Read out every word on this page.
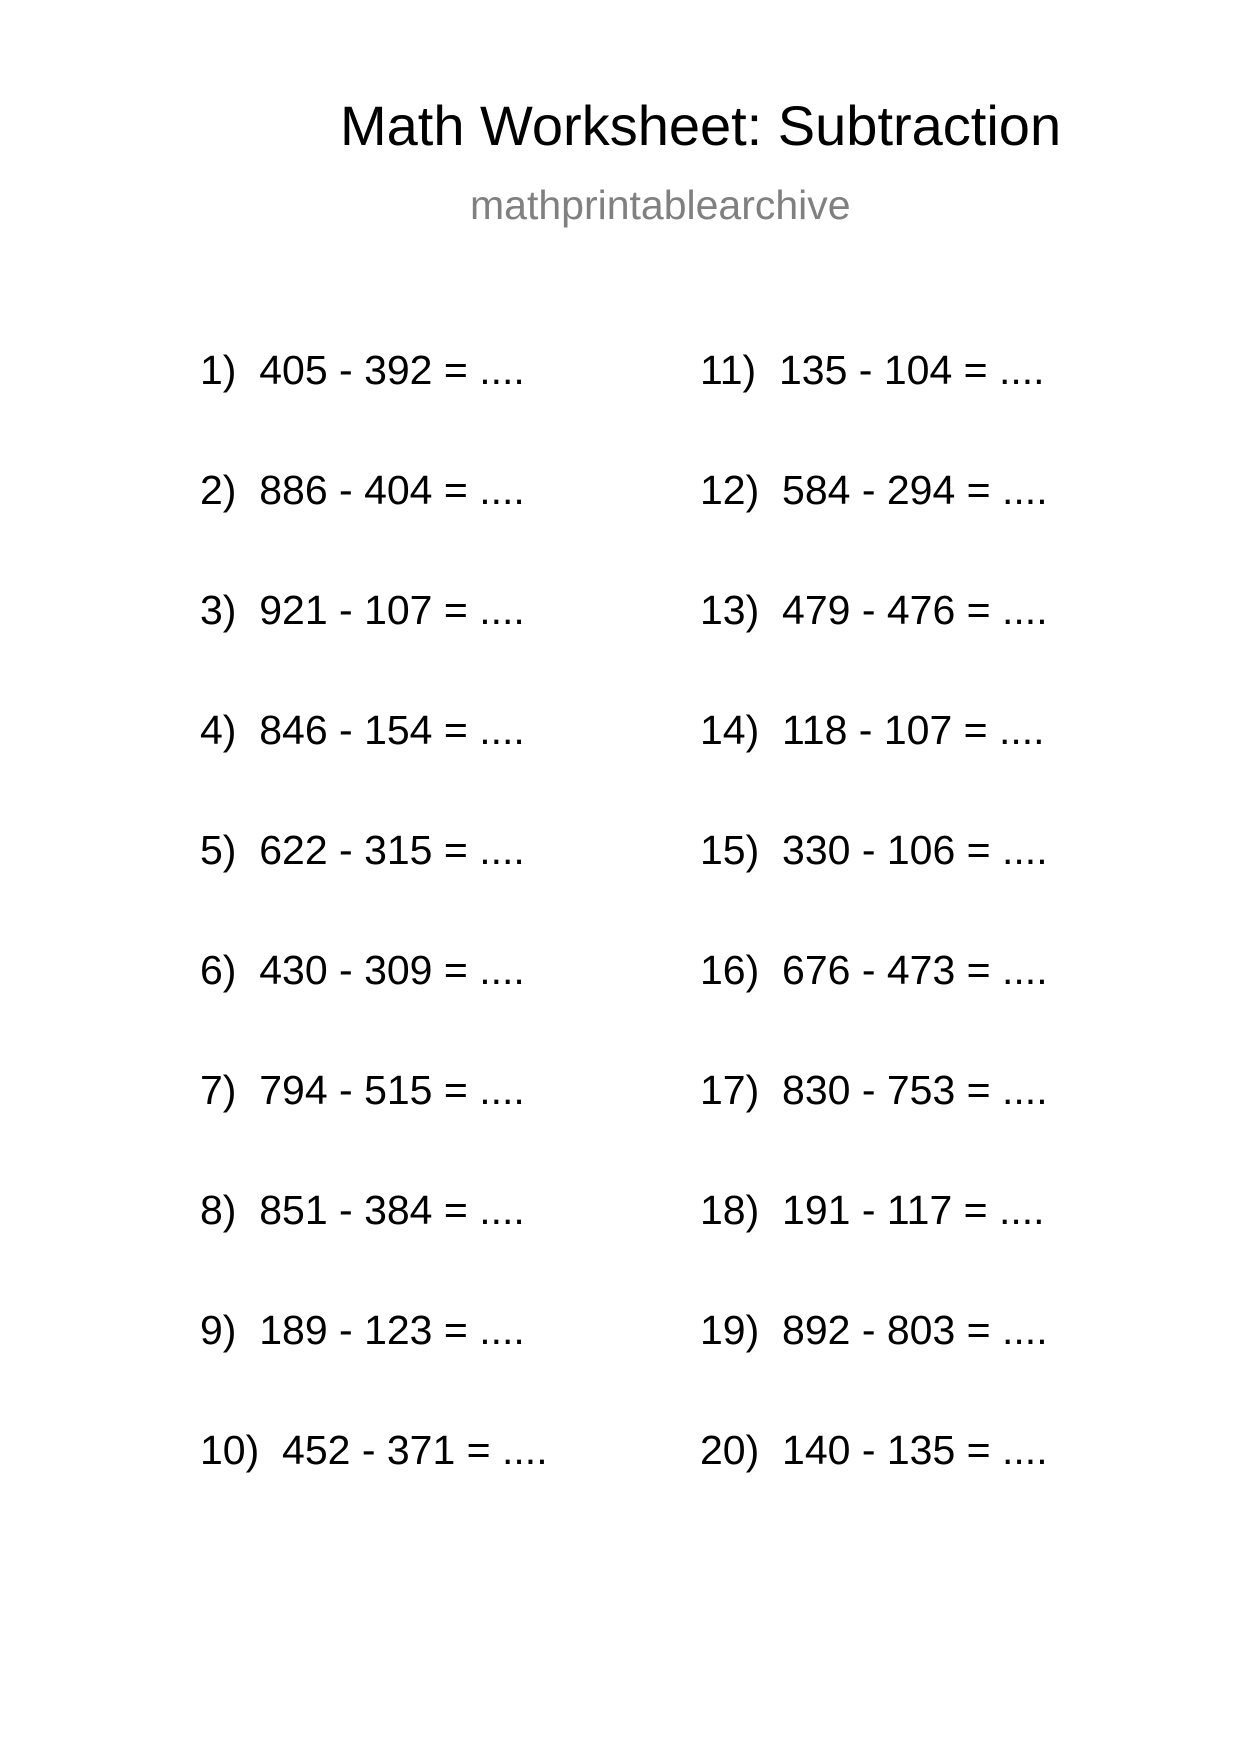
Math Worksheet: Subtraction
mathprintablearchive
1)  405 - 392 = ....
2)  886 - 404 = ....
3)  921 - 107 = ....
4)  846 - 154 = ....
5)  622 - 315 = ....
6)  430 - 309 = ....
7)  794 - 515 = ....
8)  851 - 384 = ....
9)  189 - 123 = ....
10)  452 - 371 = ....
11)  135 - 104 = ....
12)  584 - 294 = ....
13)  479 - 476 = ....
14)  118 - 107 = ....
15)  330 - 106 = ....
16)  676 - 473 = ....
17)  830 - 753 = ....
18)  191 - 117 = ....
19)  892 - 803 = ....
20)  140 - 135 = ....
